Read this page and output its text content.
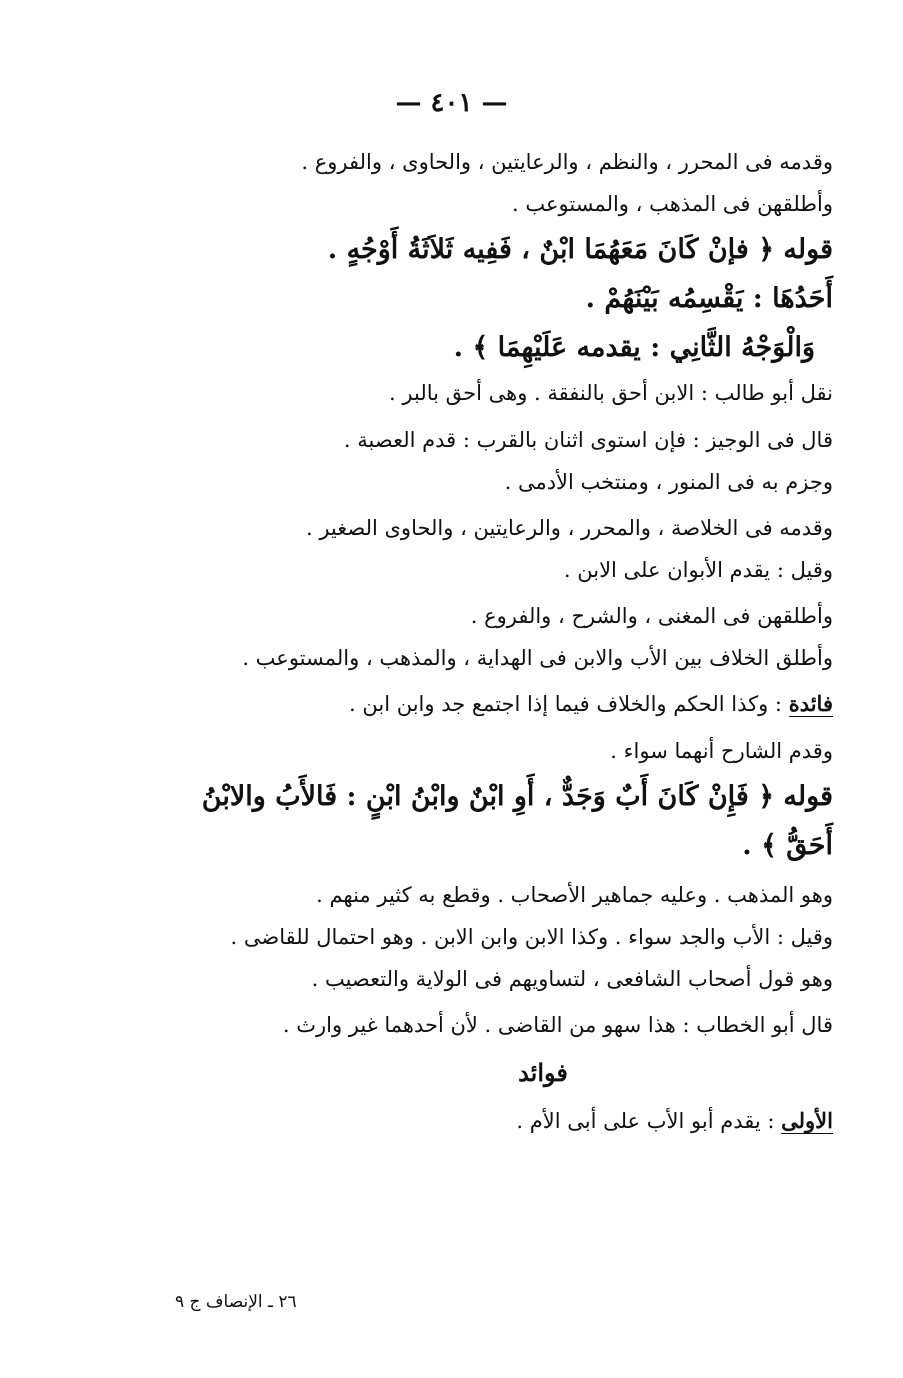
— ٤٠١ —

وقدمه فى المحرر ، والنظم ، والرعايتين ، والحاوى ، والفروع .

وأطلقهن فى المذهب ، والمستوعب .

قوله ﴿ فإنْ كَانَ مَعَهُمَا ابْنٌ ، فَفِيه ثَلاَثَةُ أَوْجُهٍ .

أَحَدُهَا : يَقْسِمُه بَيْنَهُمْ .

وَالْوَجْهُ الثَّانِي : يقدمه عَلَيْهِمَا ﴾ .

نقل أبو طالب : الابن أحق بالنفقة . وهى أحق بالبر .

قال فى الوجيز : فإن استوى اثنان بالقرب : قدم العصبة .

وجزم به فى المنور ، ومنتخب الأدمى .

وقدمه فى الخلاصة ، والمحرر ، والرعايتين ، والحاوى الصغير .

وقيل : يقدم الأبوان على الابن .

وأطلقهن فى المغنى ، والشرح ، والفروع .

وأطلق الخلاف بين الأب والابن فى الهداية ، والمذهب ، والمستوعب .

فائدة : وكذا الحكم والخلاف فيما إذا اجتمع جد وابن ابن .

وقدم الشارح أنهما سواء .

قوله ﴿ فَإِنْ كَانَ أَبٌ وَجَدٌّ ، أَوِ ابْنٌ وابْنُ ابْنٍ : فَالأَبُ والابْنُ

أَحَقُّ ﴾ .

وهو المذهب . وعليه جماهير الأصحاب . وقطع به كثير منهم .

وقيل : الأب والجد سواء . وكذا الابن وابن الابن . وهو احتمال للقاضى .

وهو قول أصحاب الشافعى ، لتساويهم فى الولاية والتعصيب .

قال أبو الخطاب : هذا سهو من القاضى . لأن أحدهما غير وارث .

فوائد

الأولى : يقدم أبو الأب على أبى الأم .

٢٦ ـ الإنصاف ج ٩
